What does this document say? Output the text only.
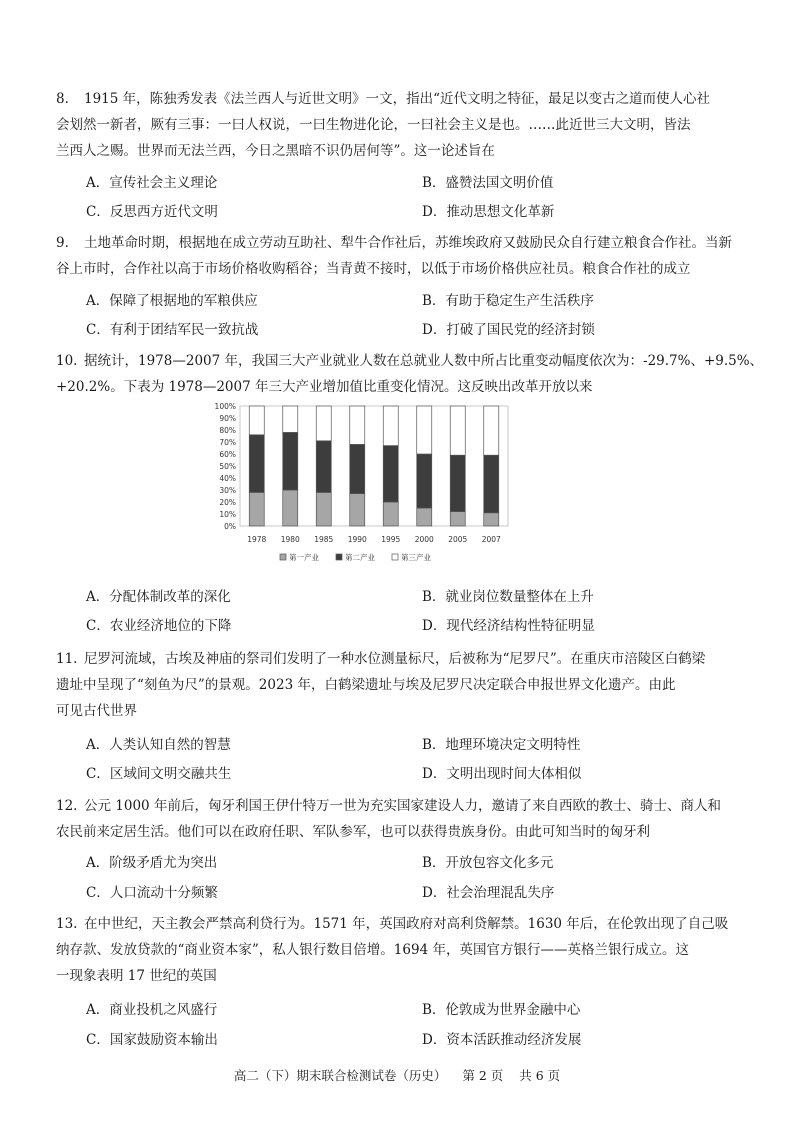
8. 1915 年，陈独秀发表《法兰西人与近世文明》一文，指出“近代文明之特征，最足以变古之道而使人心社
会划然一新者，厥有三事：一曰人权说，一曰生物进化论，一曰社会主义是也。……此近世三大文明，皆法
兰西人之赐。世界而无法兰西，今日之黑暗不识仍居何等”。这一论述旨在
A．宣传社会主义理论	B．盛赞法国文明价值
C．反思西方近代文明	D．推动思想文化革新
9. 土地革命时期，根据地在成立劳动互助社、犁牛合作社后，苏维埃政府又鼓励民众自行建立粮食合作社。当新
谷上市时，合作社以高于市场价格收购稻谷；当青黄不接时，以低于市场价格供应社员。粮食合作社的成立
A．保障了根据地的军粮供应	B．有助于稳定生产生活秩序
C．有利于团结军民一致抗战	D．打破了国民党的经济封锁
10. 据统计，1978—2007 年，我国三大产业就业人数在总就业人数中所占比重变动幅度依次为：-29.7%、+9.5%、
+20.2%。下表为 1978—2007 年三大产业增加值比重变化情况。这反映出改革开放以来
0%
10%
20%
30%
40%
50%
60%
70%
80%
90%
100%
1978 1980 1985 1990 1995 2000 2005 2007
第一产业	第二产业	第三产业
A．分配体制改革的深化	B．就业岗位数量整体在上升
C．农业经济地位的下降	D．现代经济结构性特征明显
11. 尼罗河流域，古埃及神庙的祭司们发明了一种水位测量标尺，后被称为“尼罗尺”。在重庆市涪陵区白鹤梁
遗址中呈现了“刻鱼为尺”的景观。2023 年，白鹤梁遗址与埃及尼罗尺决定联合申报世界文化遗产。由此
可见古代世界
A．人类认知自然的智慧	B．地理环境决定文明特性
C．区域间文明交融共生	D．文明出现时间大体相似
12. 公元 1000 年前后，匈牙利国王伊什特万一世为充实国家建设人力，邀请了来自西欧的教士、骑士、商人和
农民前来定居生活。他们可以在政府任职、军队参军，也可以获得贵族身份。由此可知当时的匈牙利
A．阶级矛盾尤为突出	B．开放包容文化多元
C．人口流动十分频繁	D．社会治理混乱失序
13. 在中世纪，天主教会严禁高利贷行为。1571 年，英国政府对高利贷解禁。1630 年后，在伦敦出现了自己吸
纳存款、发放贷款的“商业资本家”，私人银行数目倍增。1694 年，英国官方银行——英格兰银行成立。这
一现象表明 17 世纪的英国
A．商业投机之风盛行	B．伦敦成为世界金融中心
C．国家鼓励资本输出	D．资本活跃推动经济发展
高二（下）期末联合检测试卷（历史） 第 2 页 共 6 页
